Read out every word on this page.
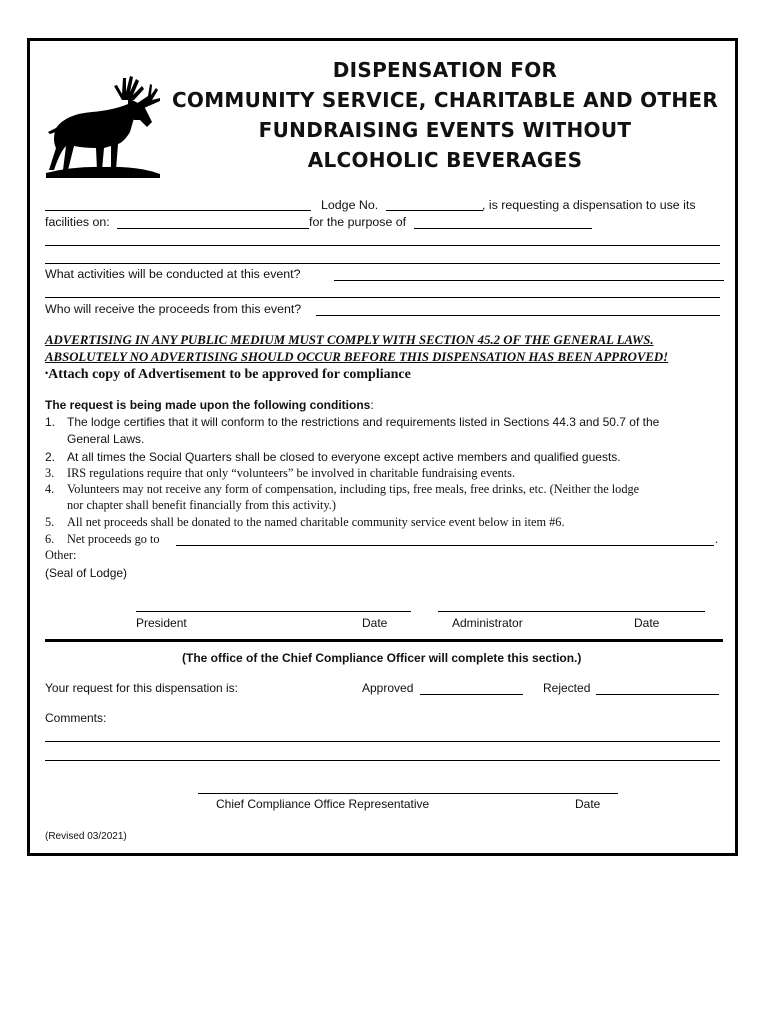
DISPENSATION FOR
COMMUNITY SERVICE, CHARITABLE AND OTHER
FUNDRAISING EVENTS WITHOUT
ALCOHOLIC BEVERAGES
Lodge No.	, is requesting a dispensation to use its
facilities on:	for the purpose of
What activities will be conducted at this event?
Who will receive the proceeds from this event?
ADVERTISING IN ANY PUBLIC MEDIUM MUST COMPLY WITH SECTION 45.2 OF THE GENERAL LAWS.
ABSOLUTELY NO ADVERTISING SHOULD OCCUR BEFORE THIS DISPENSATION HAS BEEN APPROVED!
•Attach copy of Advertisement to be approved for compliance
The request is being made upon the following conditions:
1. The lodge certifies that it will conform to the restrictions and requirements listed in Sections 44.3 and 50.7 of the
General Laws.
2. At all times the Social Quarters shall be closed to everyone except active members and qualified guests.
3. IRS regulations require that only “volunteers” be involved in charitable fundraising events.
4. Volunteers may not receive any form of compensation, including tips, free meals, free drinks, etc. (Neither the lodge
nor chapter shall benefit financially from this activity.)
5. All net proceeds shall be donated to the named charitable community service event below in item #6.
6. Net proceeds go to	.
Other:
(Seal of Lodge)
President	Date	Administrator	Date
(The office of the Chief Compliance Officer will complete this section.)
Your request for this dispensation is:	Approved	Rejected
Comments:
Chief Compliance Office Representative	Date
(Revised 03/2021)
